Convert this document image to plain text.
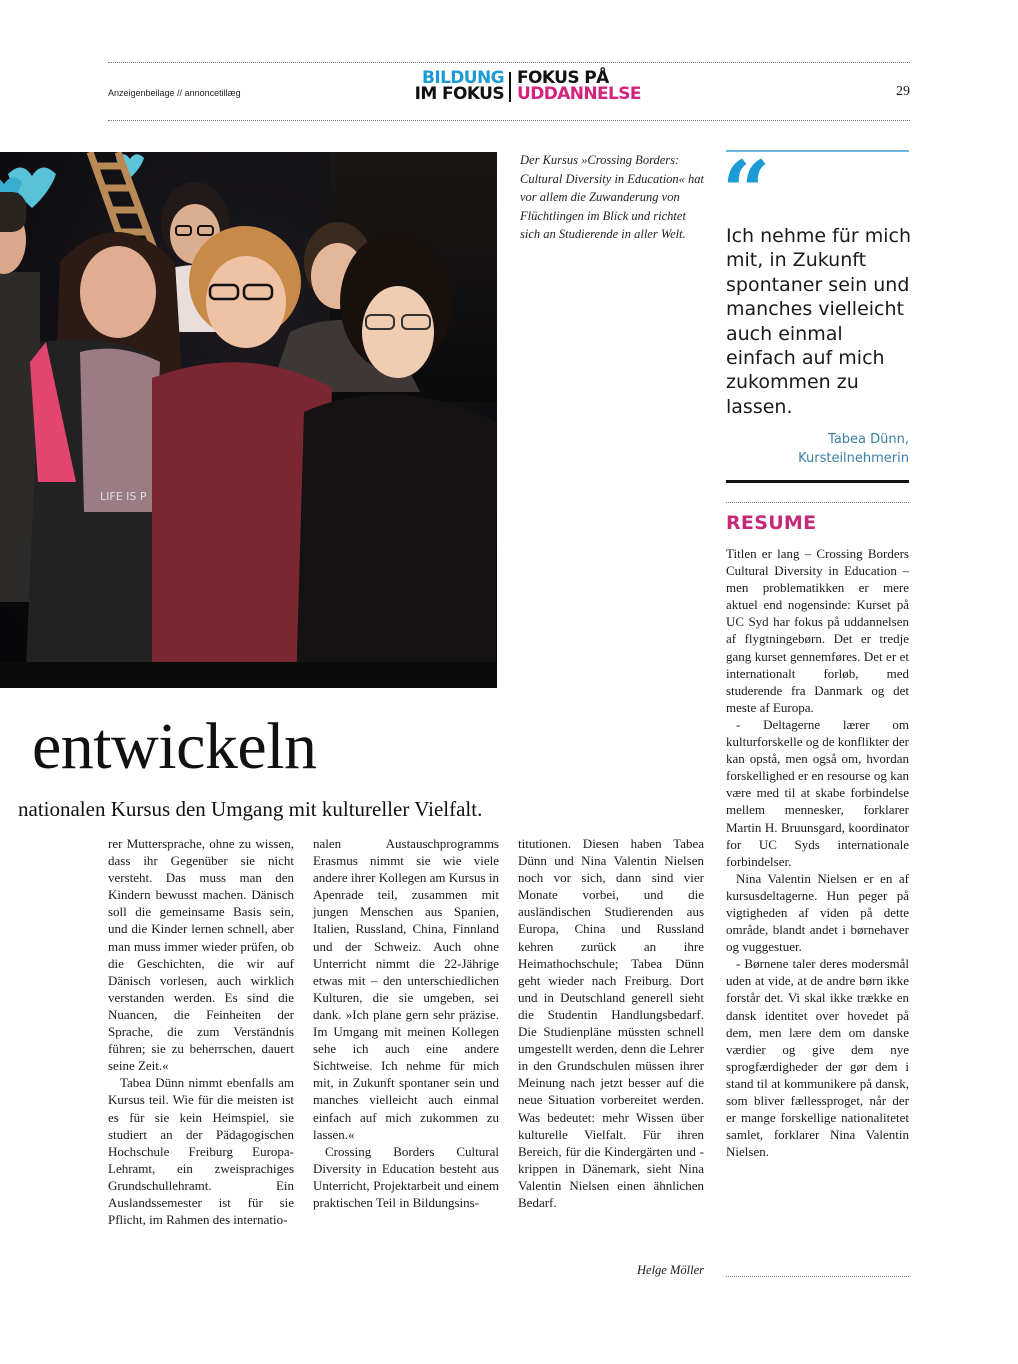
Anzeigenbeilage // annoncetillæg
BILDUNG
IM FOKUS
FOKUS PÅ
UDDANNELSE	29
LIFE IS P
Der Kursus »Crossing Borders: Cultural Diversity in Education« hat vor allem die Zuwanderung von Flüchtlingen im Blick und richtet sich an Studierende in aller Welt. “
Ich nehme für mich mit, in Zukunft spontaner sein und manches vielleicht auch einmal einfach auf mich zukommen zu lassen.
Tabea Dünn,
Kursteilnehmerin
RESUME

Titlen er lang – Crossing Borders Cultural Diversity in Education – men problematikken er mere aktuel end nogensinde: Kurset på UC Syd har fokus på uddannelsen af flygtningebørn. Det er tredje gang kurset gennemføres. Det er et internationalt forløb, med studerende fra Danmark og det meste af Europa.

- Deltagerne lærer om kulturforskelle og de konflikter der kan opstå, men også om, hvordan forskellighed er en resourse og kan være med til at skabe forbindelse mellem mennesker, forklarer Martin H. Bruunsgard, koordinator for UC Syds internationale forbindelser.

Nina Valentin Nielsen er en af kursusdeltagerne. Hun peger på vigtigheden af viden på dette område, blandt andet i børnehaver og vuggestuer.

- Børnene taler deres modersmål uden at vide, at de andre børn ikke forstår det. Vi skal ikke trække en dansk identitet over hovedet på dem, men lære dem om danske værdier og give dem nye sprogfærdigheder der gør dem i stand til at kommunikere på dansk, som bliver fællessproget, når der er mange forskellige nationalitetet samlet, forklarer Nina Valentin Nielsen.

entwickeln
nationalen Kursus den Umgang mit kultureller Vielfalt.

rer Muttersprache, ohne zu wissen, dass ihr Gegenüber sie nicht versteht. Das muss man den Kindern bewusst machen. Dänisch soll die gemeinsame Basis sein, und die Kinder lernen schnell, aber man muss immer wieder prüfen, ob die Geschichten, die wir auf Dänisch vorlesen, auch wirklich verstanden werden. Es sind die Nuancen, die Feinheiten der Sprache, die zum Verständnis führen; sie zu beherrschen, dauert seine Zeit.«

Tabea Dünn nimmt ebenfalls am Kursus teil. Wie für die meisten ist es für sie kein Heimspiel, sie studiert an der Pädagogischen Hochschule Freiburg Europa-Lehramt, ein zweisprachiges Grundschullehramt. Ein Auslandssemester ist für sie Pflicht, im Rahmen des internatio-

nalen Austauschprogramms Erasmus nimmt sie wie viele andere ihrer Kollegen am Kursus in Apenrade teil, zusammen mit jungen Menschen aus Spanien, Italien, Russland, China, Finnland und der Schweiz. Auch ohne Unterricht nimmt die 22-Jährige etwas mit – den unterschiedlichen Kulturen, die sie umgeben, sei dank. »Ich plane gern sehr präzise. Im Umgang mit meinen Kollegen sehe ich auch eine andere Sichtweise. Ich nehme für mich mit, in Zukunft spontaner sein und manches vielleicht auch einmal einfach auf mich zukommen zu lassen.«

Crossing Borders Cultural Diversity in Education besteht aus Unterricht, Projektarbeit und einem praktischen Teil in Bildungsins-

titutionen. Diesen haben Tabea Dünn und Nina Valentin Nielsen noch vor sich, dann sind vier Monate vorbei, und die ausländischen Studierenden aus Europa, China und Russland kehren zurück an ihre Heimathochschule; Tabea Dünn geht wieder nach Freiburg. Dort und in Deutschland generell sieht die Studentin Handlungsbedarf. Die Studienpläne müssten schnell umgestellt werden, denn die Lehrer in den Grundschulen müssen ihrer Meinung nach jetzt besser auf die neue Situation vorbereitet werden. Was bedeutet: mehr Wissen über kulturelle Vielfalt. Für ihren Bereich, für die Kindergärten und -krippen in Dänemark, sieht Nina Valentin Nielsen einen ähnlichen Bedarf.

Helge Möller
